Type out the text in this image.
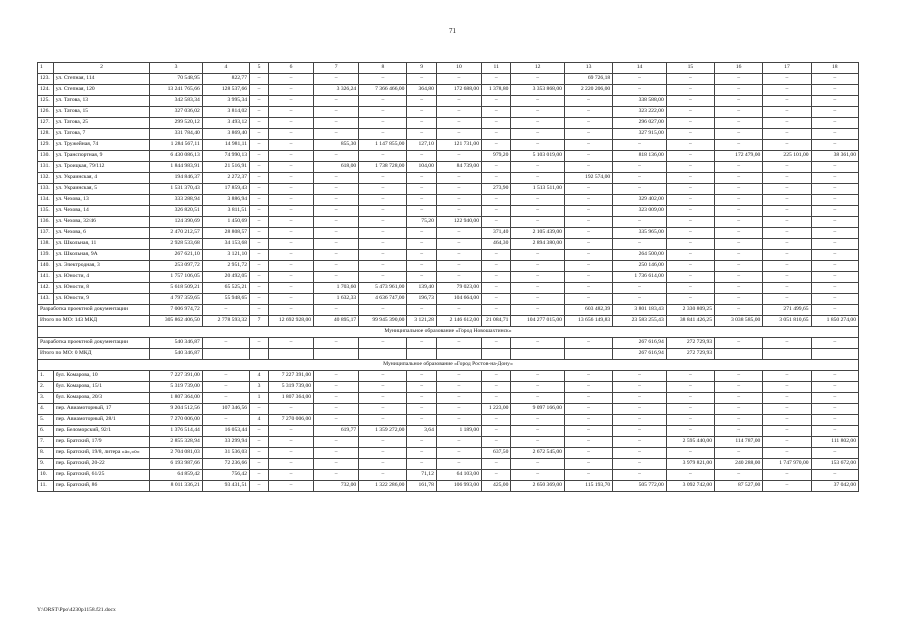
71
1	2	3	4	5	6	7	8	9	10	11	12	13	14	15	16	17	18
123.	ул. Степная, 114	70 548,95	822,77	–	–	–	–	–	–	–	–	69 726,18	–	–	–	–	–
124.	ул. Степная, 120	13 241 765,66	128 537,66	–	–	3 326,24	7 366 466,00	364,80	172 688,00	1 378,80	3 353 868,00	2 220 206,00	–	–	–	–	–
125.	ул. Татова, 13	342 583,34	3 995,34	–	–	–	–	–	–	–	–	–	338 588,00	–	–	–	–
126.	ул. Татова, 15	327 036,02	3 814,02	–	–	–	–	–	–	–	–	–	323 222,00	–	–	–	–
127.	ул. Татова, 25	299 520,12	3 493,12	–	–	–	–	–	–	–	–	–	296 027,00	–	–	–	–
128.	ул. Татова, 7	331 784,40	3 869,40	–	–	–	–	–	–	–	–	–	327 915,00	–	–	–	–
129.	ул. Тружейная, 74	1 284 567,11	14 981,11	–	–	855,30	1 147 855,00	127,10	121 731,00	–	–	–	–	–	–	–	–
130.	ул. Транспортная, 9	6 430 086,13	74 990,13	–	–	–	–	–	–	979,20	5 103 019,00	–	818 136,00	–	172 479,00	225 101,00	38 361,00
131.	ул. Троицкая, 79/112	1 844 983,91	21 516,91	–	–	618,00	1 738 728,00	104,00	84 739,00	–	–	–	–	–	–	–	–
132.	ул. Украинская, 4	194 846,37	2 272,37	–	–	–	–	–	–	–	–	192 574,00	–	–	–	–	–
133.	ул. Украинская, 5	1 531 370,43	17 859,43	–	–	–	–	–	–	273,90	1 513 511,00	–	–	–	–	–	–
134.	ул. Чехова, 13	333 288,94	3 886,94	–	–	–	–	–	–	–	–	–	329 402,00	–	–	–	–
135.	ул. Чехова, 14	326 820,51	3 811,51	–	–	–	–	–	–	–	–	–	323 009,00	–	–	–	–
136.	ул. Чехова, 32/46	124 390,69	1 450,69	–	–	–	–	75,20	122 940,00	–	–	–	–	–	–	–	–
137.	ул. Чехова, 6	2 470 212,57	28 808,57	–	–	–	–	–	–	371,40	2 105 439,00	–	335 965,00	–	–	–	–
138.	ул. Школьная, 11	2 928 533,68	34 153,68	–	–	–	–	–	–	464,30	2 894 380,00	–	–	–	–	–	–
139.	ул. Школьная, 9А	267 621,10	3 121,10	–	–	–	–	–	–	–	–	–	264 500,00	–	–	–	–
140.	ул. Электродная, 3	253 097,72	2 951,72	–	–	–	–	–	–	–	–	–	250 146,00	–	–	–	–
141.	ул. Юности, 4	1 757 106,05	20 492,05	–	–	–	–	–	–	–	–	–	1 736 614,00	–	–	–	–
142.	ул. Юности, 8	5 618 509,21	65 525,21	–	–	1 703,60	5 473 961,00	139,40	79 023,00	–	–	–	–	–	–	–	–
143.	ул. Юности, 9	4 797 359,65	55 948,65	–	–	1 632,33	4 636 747,00	196,73	104 664,00	–	–	–	–	–	–	–	–
Разработка проектной документации		7 006 974,72	–	–	–	–	–	–	–	–	–	603 482,39	3 801 183,43	2 330 809,25	–	271 499,65	–
Итого по МО: 143 МКД		305 862 406,50	2 778 593,32	7	12 692 928,00	40 895,17	99 945 390,00	3 121,28	2 146 612,00	21 084,71	104 277 015,00	13 656 149,83	23 583 255,43	38 841 426,25	3 038 585,00	3 051 810,65	1 850 274,00
Муниципальное образование «Город Новошахтинск»																	
Разработка проектной документации		540 346,87	–	–	–	–	–	–	–	–	–	–	267 616,94	272 729,93	–	–	–
Итого по МО: 0 МКД		540 346,87											267 616,94	272 729,93			
Муниципальное образование «Город Ростов-на-Дону»																	
1.	бул. Комарова, 10	7 227 391,00	–	4	7 227 391,00	–	–	–	–	–	–	–	–	–	–	–	–
2.	бул. Комарова, 15/1	5 319 739,00	–	3	5 319 739,00	–	–	–	–	–	–	–	–	–	–	–	–
3.	бул. Комарова, 20/3	1 807 364,00	–	1	1 807 364,00	–	–	–	–	–	–	–	–	–	–	–	–
4.	пер. Авиамоторный, 17	9 204 512,56	107 346,56	–	–	–	–	–	–	1 223,00	9 097 166,00	–	–	–	–	–	–
5.	пер. Авиамоторный, 28/1	7 270 006,00	–	4	7 270 006,00	–	–	–	–	–	–	–	–	–	–	–	–
6.	пер. Беломорский, 92/1	1 376 514,44	16 053,44	–	–	619,77	1 359 272,00	3,64	1 189,00	–	–	–	–	–	–	–	–
7.	пер. Братский, 17/9	2 855 328,94	33 299,94	–	–	–	–	–	–	–	–	–	–	2 595 440,00	114 787,00	–	111 802,00
8.	пер. Братский, 19/8, литера «а»,«о»	2 704 081,03	31 536,03	–	–	–	–	–	–	637,50	2 672 545,00	–	–	–	–	–	–
9.	пер. Братский, 20-22	6 193 987,66	72 236,66	–	–	–	–	–	–	–	–	–	–	3 979 821,00	240 288,00	1 747 970,00	153 672,00
10.	пер. Братский, 61/25	64 859,42	756,42	–	–	–	–	71,12	64 103,00	–	–	–	–	–	–	–	–
11.	пер. Братский, 86	8 011 336,21	93 431,51	–	–	732,00	1 322 286,00	161,78	106 993,00	425,00	2 650 369,00	115 193,70	505 772,00	3 092 742,00	87 527,00	–	37 042,00
Y:\ORST\Ppo\4230p1158.f21.docx
